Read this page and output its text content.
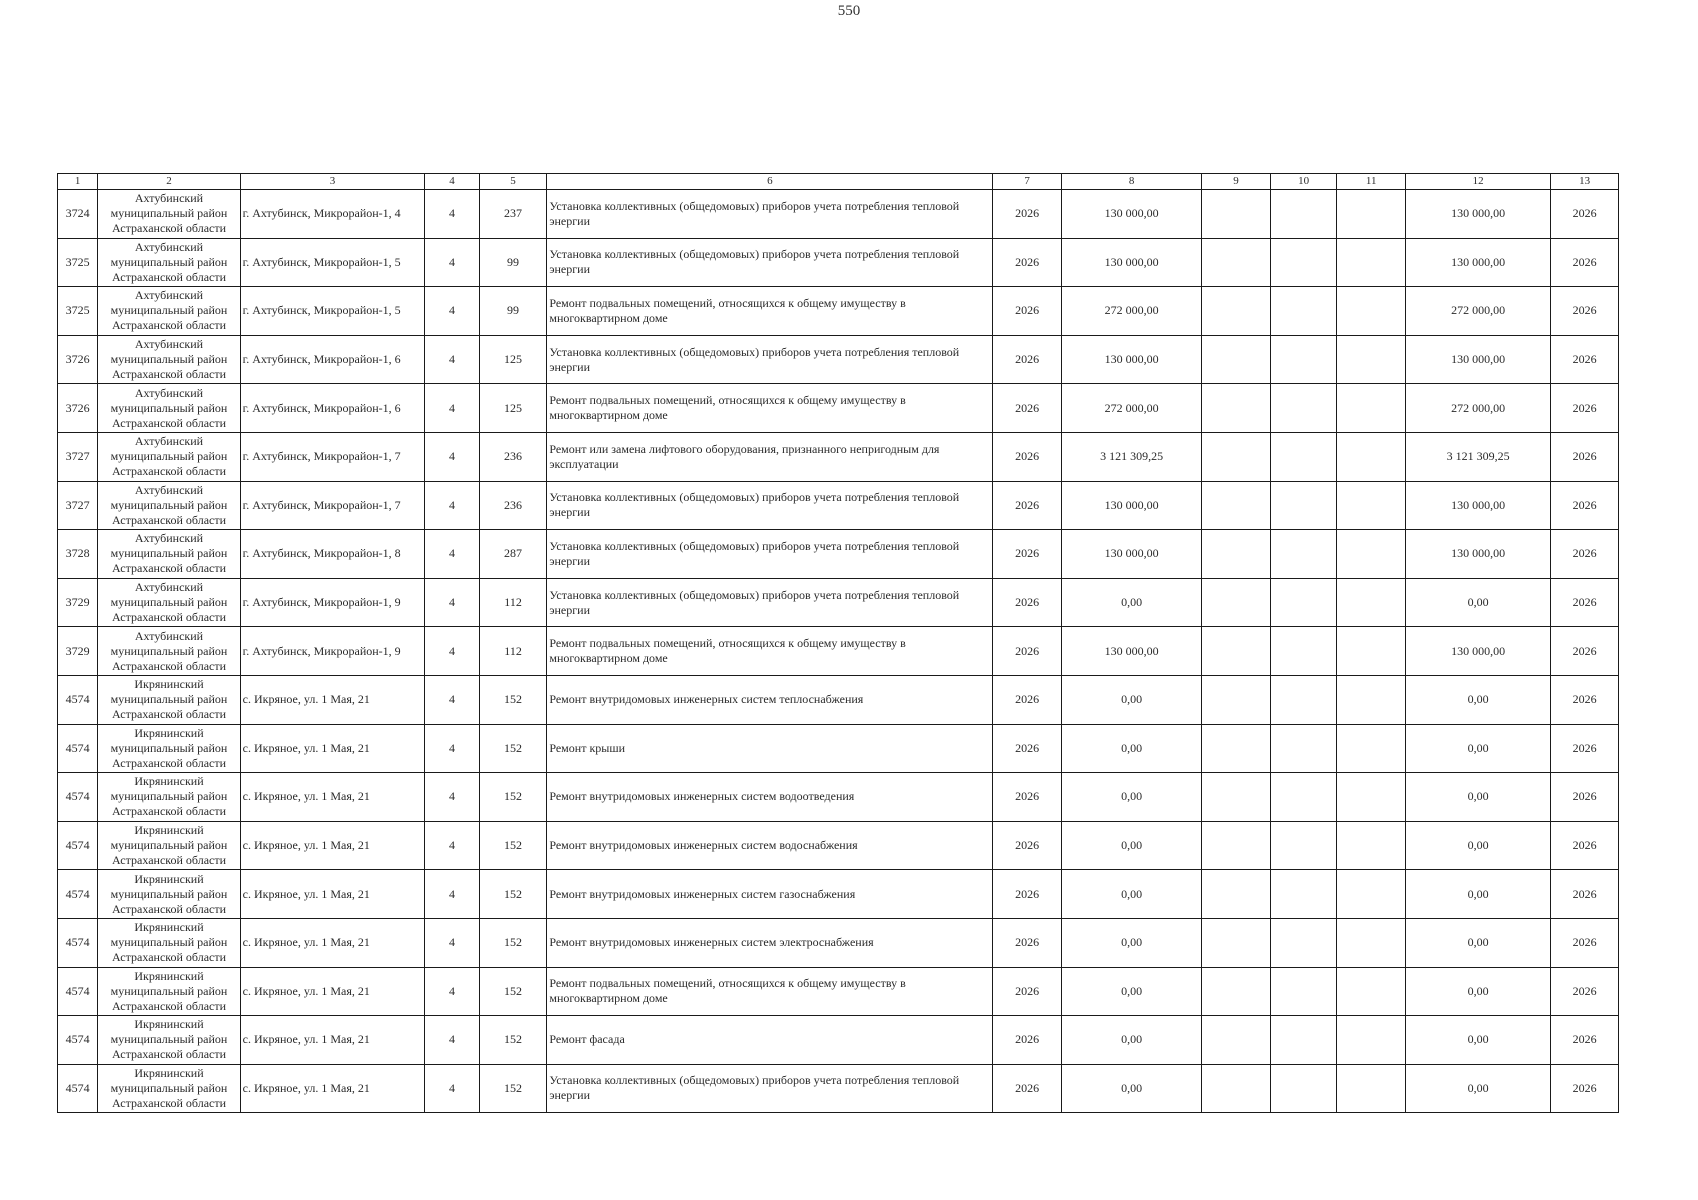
550
1	2	3	4	5	6	7	8	9	10	11	12	13
3724	Ахтубинский муниципальный район Астраханской области	г. Ахтубинск, Микрорайон-1, 4	4	237	Установка коллективных (общедомовых) приборов учета потребления тепловой энергии	2026	130 000,00				130 000,00	2026
3725	Ахтубинский муниципальный район Астраханской области	г. Ахтубинск, Микрорайон-1, 5	4	99	Установка коллективных (общедомовых) приборов учета потребления тепловой энергии	2026	130 000,00				130 000,00	2026
3725	Ахтубинский муниципальный район Астраханской области	г. Ахтубинск, Микрорайон-1, 5	4	99	Ремонт подвальных помещений, относящихся к общему имуществу в многоквартирном доме	2026	272 000,00				272 000,00	2026
3726	Ахтубинский муниципальный район Астраханской области	г. Ахтубинск, Микрорайон-1, 6	4	125	Установка коллективных (общедомовых) приборов учета потребления тепловой энергии	2026	130 000,00				130 000,00	2026
3726	Ахтубинский муниципальный район Астраханской области	г. Ахтубинск, Микрорайон-1, 6	4	125	Ремонт подвальных помещений, относящихся к общему имуществу в многоквартирном доме	2026	272 000,00				272 000,00	2026
3727	Ахтубинский муниципальный район Астраханской области	г. Ахтубинск, Микрорайон-1, 7	4	236	Ремонт или замена лифтового оборудования, признанного непригодным для эксплуатации	2026	3 121 309,25				3 121 309,25	2026
3727	Ахтубинский муниципальный район Астраханской области	г. Ахтубинск, Микрорайон-1, 7	4	236	Установка коллективных (общедомовых) приборов учета потребления тепловой энергии	2026	130 000,00				130 000,00	2026
3728	Ахтубинский муниципальный район Астраханской области	г. Ахтубинск, Микрорайон-1, 8	4	287	Установка коллективных (общедомовых) приборов учета потребления тепловой энергии	2026	130 000,00				130 000,00	2026
3729	Ахтубинский муниципальный район Астраханской области	г. Ахтубинск, Микрорайон-1, 9	4	112	Установка коллективных (общедомовых) приборов учета потребления тепловой энергии	2026	0,00				0,00	2026
3729	Ахтубинский муниципальный район Астраханской области	г. Ахтубинск, Микрорайон-1, 9	4	112	Ремонт подвальных помещений, относящихся к общему имуществу в многоквартирном доме	2026	130 000,00				130 000,00	2026
4574	Икрянинский муниципальный район Астраханской области	с. Икряное, ул. 1 Мая, 21	4	152	Ремонт внутридомовых инженерных систем теплоснабжения	2026	0,00				0,00	2026
4574	Икрянинский муниципальный район Астраханской области	с. Икряное, ул. 1 Мая, 21	4	152	Ремонт крыши	2026	0,00				0,00	2026
4574	Икрянинский муниципальный район Астраханской области	с. Икряное, ул. 1 Мая, 21	4	152	Ремонт внутридомовых инженерных систем водоотведения	2026	0,00				0,00	2026
4574	Икрянинский муниципальный район Астраханской области	с. Икряное, ул. 1 Мая, 21	4	152	Ремонт внутридомовых инженерных систем водоснабжения	2026	0,00				0,00	2026
4574	Икрянинский муниципальный район Астраханской области	с. Икряное, ул. 1 Мая, 21	4	152	Ремонт внутридомовых инженерных систем газоснабжения	2026	0,00				0,00	2026
4574	Икрянинский муниципальный район Астраханской области	с. Икряное, ул. 1 Мая, 21	4	152	Ремонт внутридомовых инженерных систем электроснабжения	2026	0,00				0,00	2026
4574	Икрянинский муниципальный район Астраханской области	с. Икряное, ул. 1 Мая, 21	4	152	Ремонт подвальных помещений, относящихся к общему имуществу в многоквартирном доме	2026	0,00				0,00	2026
4574	Икрянинский муниципальный район Астраханской области	с. Икряное, ул. 1 Мая, 21	4	152	Ремонт фасада	2026	0,00				0,00	2026
4574	Икрянинский муниципальный район Астраханской области	с. Икряное, ул. 1 Мая, 21	4	152	Установка коллективных (общедомовых) приборов учета потребления тепловой энергии	2026	0,00				0,00	2026
